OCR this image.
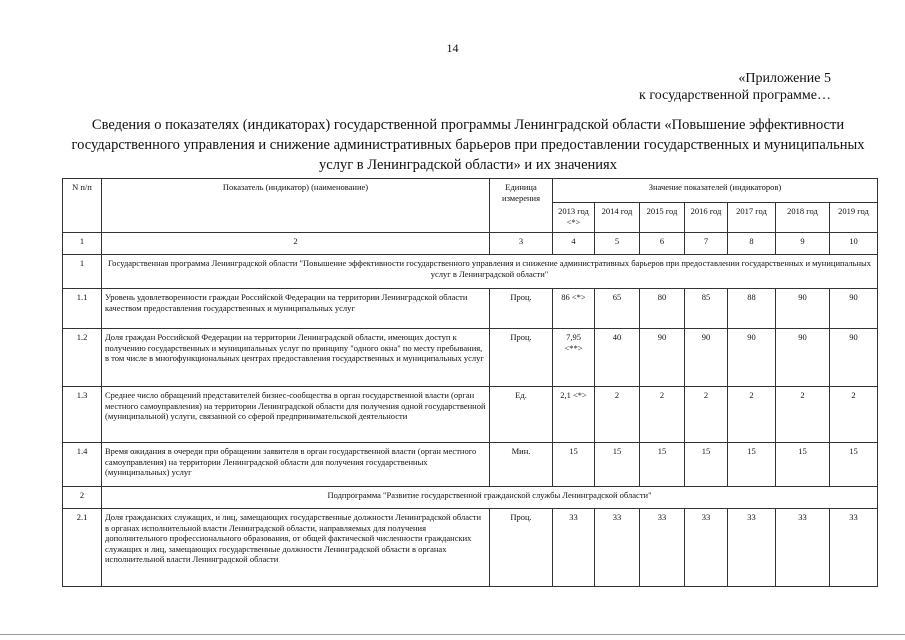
14
«Приложение 5
к государственной программе…
Сведения о показателях (индикаторах) государственной программы Ленинградской области «Повышение эффективности государственного управления и снижение административных барьеров при предоставлении государственных и муниципальных услуг в Ленинградской области» и их значениях
N п/п	Показатель (индикатор) (наименование)	Единица измерения	Значение показателей (индикаторов)						
			2013 год <*>	2014 год	2015 год	2016 год	2017 год	2018 год	2019 год
1	2	3	4	5	6	7	8	9	10
1	Государственная программа Ленинградской области "Повышение эффективности государственного управления и снижение административных барьеров при предоставлении государственных и муниципальных услуг в Ленинградской области"								
1.1	Уровень удовлетворенности граждан Российской Федерации на территории Ленинградской области качеством предоставления государственных и муниципальных услуг	Проц.	86 <*>	65	80	85	88	90	90
1.2	Доля граждан Российской Федерации на территории Ленинградской области, имеющих доступ к получению государственных и муниципальных услуг по принципу "одного окна" по месту пребывания, в том числе в многофункциональных центрах предоставления государственных и муниципальных услуг	Проц.	7,95 <**>	40	90	90	90	90	90
1.3	Среднее число обращений представителей бизнес-сообщества в орган государственной власти (орган местного самоуправления) на территории Ленинградской области для получения одной государственной (муниципальной) услуги, связанной со сферой предпринимательской деятельности	Ед.	2,1 <*>	2	2	2	2	2	2
1.4	Время ожидания в очереди при обращении заявителя в орган государственной власти (орган местного самоуправления) на территории Ленинградской области для получения государственных (муниципальных) услуг	Мин.	15	15	15	15	15	15	15
2	Подпрограмма "Развитие государственной гражданской службы Ленинградской области"								
2.1	Доля гражданских служащих, и лиц, замещающих государственные должности Ленинградской области в органах исполнительной власти Ленинградской области, направляемых для получения дополнительного профессионального образования, от общей фактической численности гражданских служащих и лиц, замещающих государственные должности Ленинградской области в органах исполнительной власти Ленинградской области	Проц.	33	33	33	33	33	33	33
